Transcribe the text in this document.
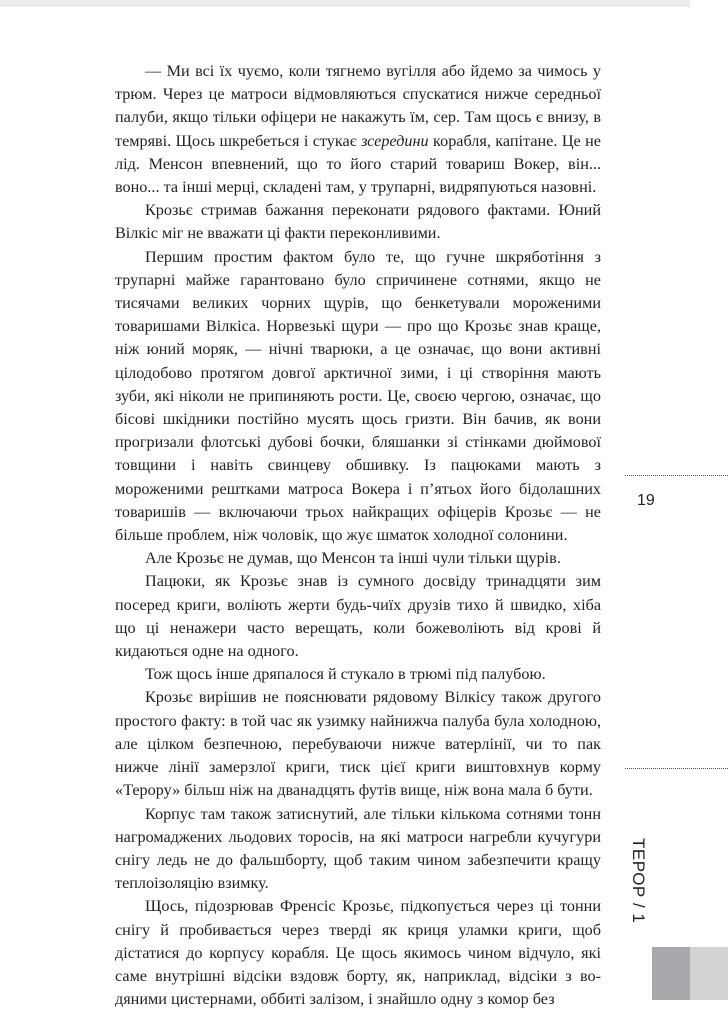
— Ми всі їх чуємо, коли тягнемо вугілля або йдемо за чимось у трюм. Через це матроси відмовляються спускатися нижче середньої палуби, якщо тільки офіцери не накажуть їм, сер. Там щось є внизу, в темряві. Щось шкребеться і стукає зсередини корабля, капітане. Це не лід. Менсон впевнений, що то його старий товариш Вокер, він... воно... та інші мерці, складені там, у трупарні, видряпуються назовні.

Крозьє стримав бажання переконати рядового фактами. Юний Вілкіс міг не вважати ці факти переконливими.

Першим простим фактом було те, що гучне шкряботіння з трупарні майже гарантовано було спричинене сотнями, якщо не тисячами великих чорних щурів, що бенкетували мороженими товаришами Вілкіса. Норвезькі щури — про що Крозьє знав краще, ніж юний моряк, — нічні тварюки, а це означає, що вони активні цілодобово протягом довгої арктичної зими, і ці створіння мають зуби, які ніколи не припиняють рости. Це, своєю чергою, означає, що бісові шкідники постійно мусять щось гризти. Він бачив, як вони прогризали флотські дубові бочки, бляшанки зі стінками дюймової товщини і навіть свинцеву обшивку. Із пацюками мають з мороженими рештками матроса Вокера і п’ятьох його бідолашних товаришів — включаючи трьох найкращих офіцерів Крозьє — не більше проблем, ніж чоловік, що жує шматок холодної солонини.

Але Крозьє не думав, що Менсон та інші чули тільки щурів.

Пацюки, як Крозьє знав із сумного досвіду тринадцяти зим посеред криги, воліють жерти будь-чиїх друзів тихо й швидко, хіба що ці ненажери часто верещать, коли божеволіють від крові й кидаються одне на одного.

Тож щось інше дряпалося й стукало в трюмі під палубою.

Крозьє вирішив не пояснювати рядовому Вілкісу також другого простого факту: в той час як узимку найнижча палуба була холодною, але цілком безпечною, перебуваючи нижче ватерлінії, чи то пак нижче лінії замерзлої криги, тиск цієї криги виштовхнув корму «Терору» більш ніж на дванадцять футів вище, ніж вона мала б бути.

Корпус там також затиснутий, але тільки кількома сотнями тонн нагромаджених льодових торосів, на які матроси нагребли кучугури снігу ледь не до фальшборту, щоб таким чином забезпечити кращу теплоізоляцію взимку.

Щось, підозрював Френсіс Крозьє, підкопується через ці тонни снігу й пробивається через тверді як криця уламки криги, щоб дістатися до корпусу корабля. Це щось якимось чином відчуло, які саме внутрішні відсіки вздовж борту, як, наприклад, відсіки з водяними цистернами, оббиті залізом, і знайшло одну з комор без

19
ТЕРОР / 1
